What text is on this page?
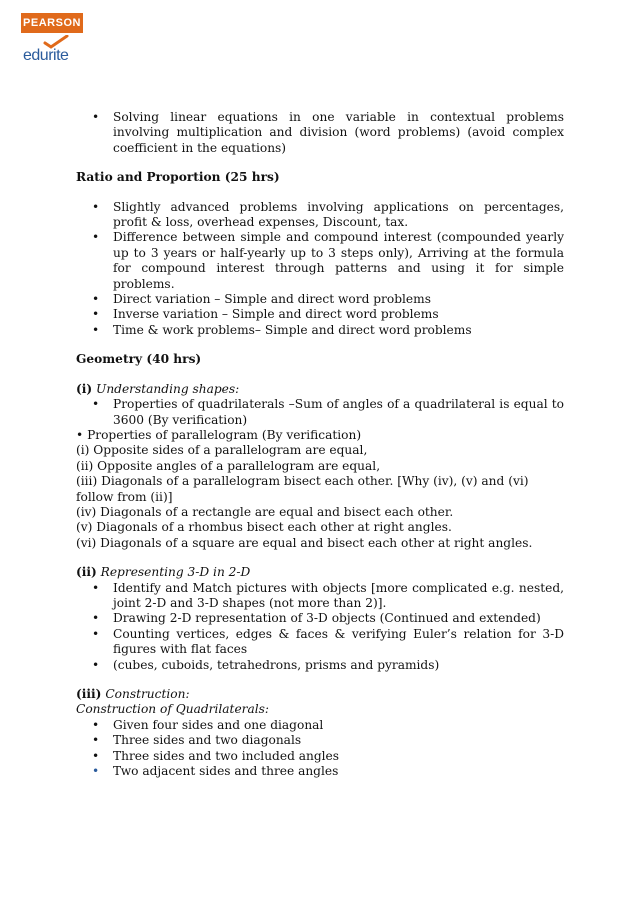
PEARSON
edurite
• Solving linear equations in one variable in contextual problems involving multiplication and division (word problems) (avoid complex coefficient in the equations)

Ratio and Proportion (25 hrs)

• Slightly advanced problems involving applications on percentages, profit & loss, overhead expenses, Discount, tax.
• Difference between simple and compound interest (compounded yearly up to 3 years or half-yearly up to 3 steps only), Arriving at the formula for compound interest through patterns and using it for simple problems.
• Direct variation – Simple and direct word problems
• Inverse variation – Simple and direct word problems
• Time & work problems– Simple and direct word problems

Geometry (40 hrs)

(i) Understanding shapes:

• Properties of quadrilaterals –Sum of angles of a quadrilateral is equal to 3600 (By verification)

• Properties of parallelogram (By verification)

(i) Opposite sides of a parallelogram are equal,

(ii) Opposite angles of a parallelogram are equal,

(iii) Diagonals of a parallelogram bisect each other. [Why (iv), (v) and (vi) follow from (ii)]

(iv) Diagonals of a rectangle are equal and bisect each other.

(v) Diagonals of a rhombus bisect each other at right angles.

(vi) Diagonals of a square are equal and bisect each other at right angles.

(ii) Representing 3-D in 2-D

• Identify and Match pictures with objects [more complicated e.g. nested, joint 2-D and 3-D shapes (not more than 2)].
• Drawing 2-D representation of 3-D objects (Continued and extended)
• Counting vertices, edges & faces & verifying Euler’s relation for 3-D figures with flat faces
• (cubes, cuboids, tetrahedrons, prisms and pyramids)

(iii) Construction:

Construction of Quadrilaterals:

• Given four sides and one diagonal
• Three sides and two diagonals
• Three sides and two included angles
• Two adjacent sides and three angles
